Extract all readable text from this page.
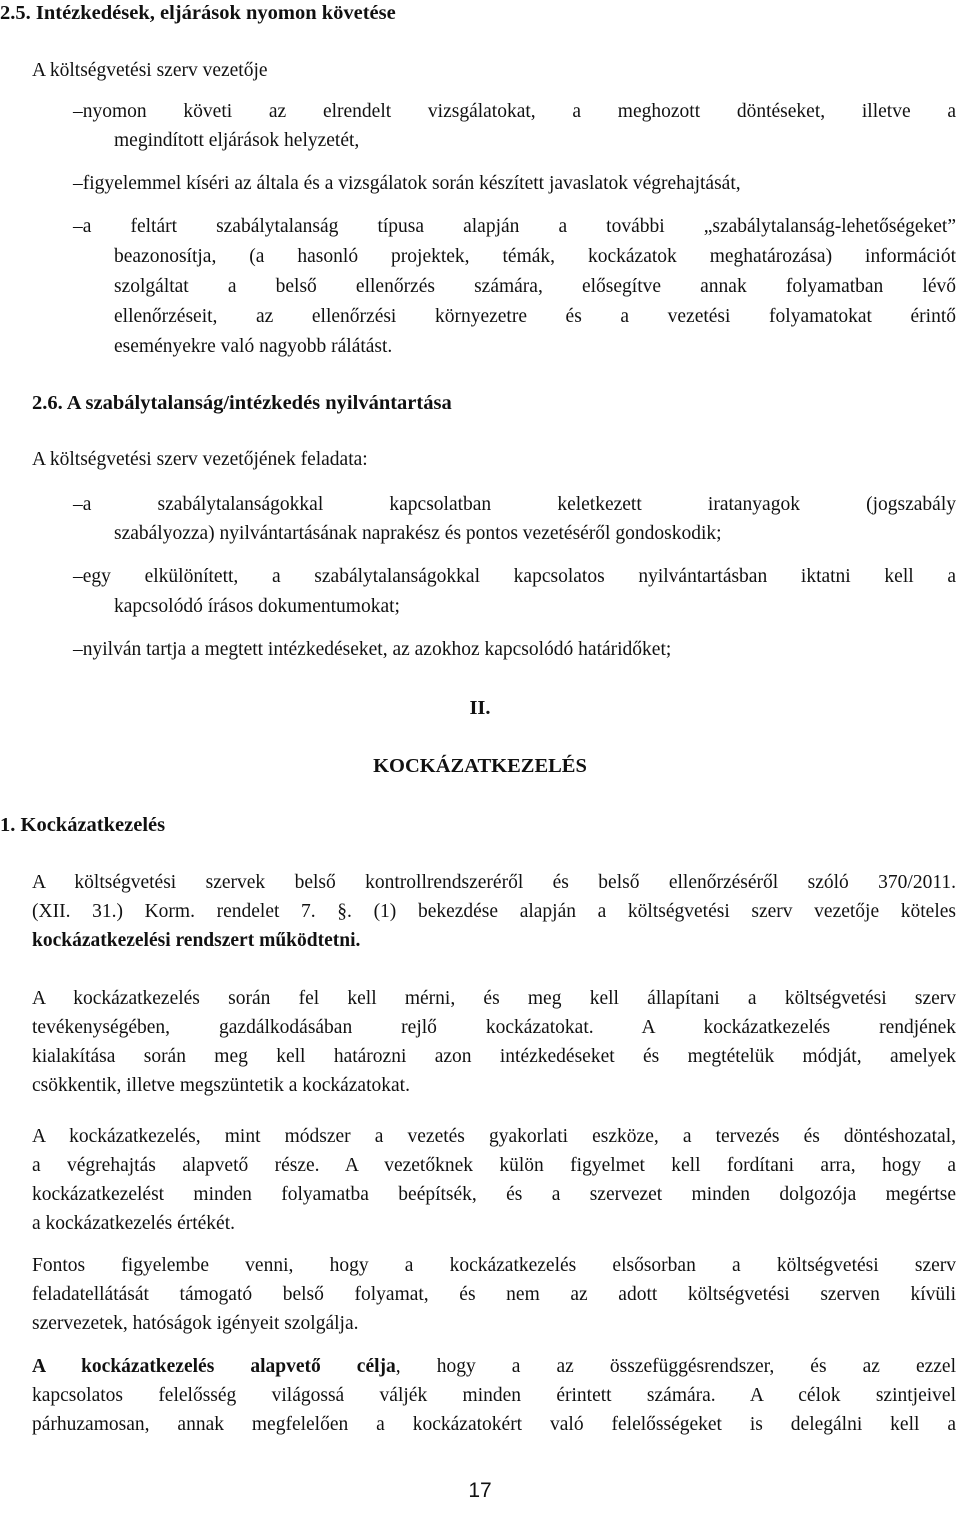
2.5. Intézkedések, eljárások nyomon követése
A költségvetési szerv vezetője
–nyomon követi az elrendelt vizsgálatokat, a meghozott döntéseket, illetve a
megindított eljárások helyzetét,
–figyelemmel kíséri az általa és a vizsgálatok során készített javaslatok végrehajtását,
–a feltárt szabálytalanság típusa alapján a további „szabálytalanság-lehetőségeket”
beazonosítja, (a hasonló projektek, témák, kockázatok meghatározása) információt
szolgáltat a belső ellenőrzés számára, elősegítve annak folyamatban lévő
ellenőrzéseit, az ellenőrzési környezetre és a vezetési folyamatokat érintő
eseményekre való nagyobb rálátást.
2.6. A szabálytalanság/intézkedés nyilvántartása
A költségvetési szerv vezetőjének feladata:
–a szabálytalanságokkal kapcsolatban keletkezett iratanyagok (jogszabály
szabályozza) nyilvántartásának naprakész és pontos vezetéséről gondoskodik;
–egy elkülönített, a szabálytalanságokkal kapcsolatos nyilvántartásban iktatni kell a
kapcsolódó írásos dokumentumokat;
–nyilván tartja a megtett intézkedéseket, az azokhoz kapcsolódó határidőket;
II.
KOCKÁZATKEZELÉS
1. Kockázatkezelés
A költségvetési szervek belső kontrollrendszeréről és belső ellenőrzéséről szóló 370/2011.
(XII. 31.) Korm. rendelet 7. §. (1) bekezdése alapján a költségvetési szerv vezetője köteles
kockázatkezelési rendszert működtetni.
A kockázatkezelés során fel kell mérni, és meg kell állapítani a költségvetési szerv
tevékenységében, gazdálkodásában rejlő kockázatokat. A kockázatkezelés rendjének
kialakítása során meg kell határozni azon intézkedéseket és megtételük módját, amelyek
csökkentik, illetve megszüntetik a kockázatokat.
A kockázatkezelés, mint módszer a vezetés gyakorlati eszköze, a tervezés és döntéshozatal,
a végrehajtás alapvető része. A vezetőknek külön figyelmet kell fordítani arra, hogy a
kockázatkezelést minden folyamatba beépítsék, és a szervezet minden dolgozója megértse
a kockázatkezelés értékét.
Fontos figyelembe venni, hogy a kockázatkezelés elsősorban a költségvetési szerv
feladatellátását támogató belső folyamat, és nem az adott költségvetési szerven kívüli
szervezetek, hatóságok igényeit szolgálja.
A kockázatkezelés alapvető célja, hogy a az összefüggésrendszer, és az ezzel
kapcsolatos felelősség világossá váljék minden érintett számára. A célok szintjeivel
párhuzamosan, annak megfelelően a kockázatokért való felelősségeket is delegálni kell a
17
